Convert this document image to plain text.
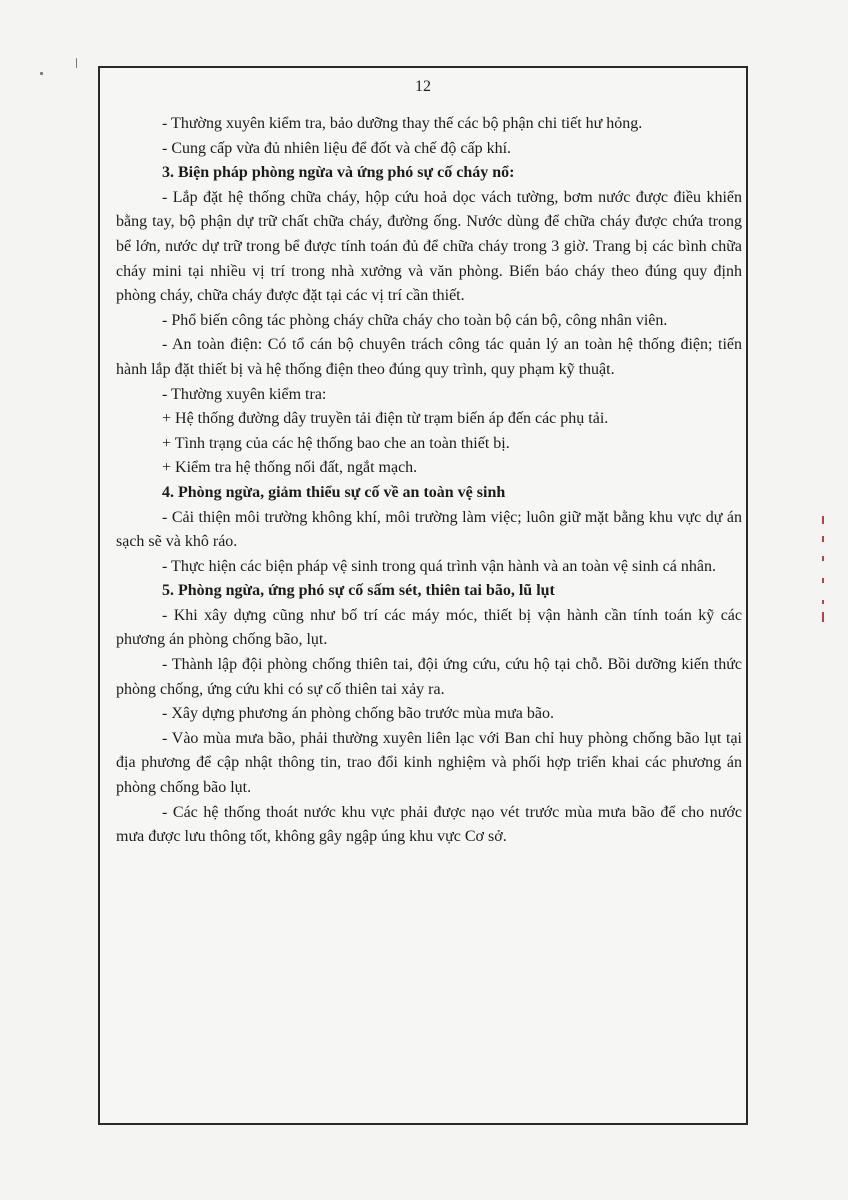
12

- Thường xuyên kiểm tra, bảo dưỡng thay thế các bộ phận chi tiết hư hỏng.

- Cung cấp vừa đủ nhiên liệu để đốt và chế độ cấp khí.

3. Biện pháp phòng ngừa và ứng phó sự cố cháy nổ:

- Lắp đặt hệ thống chữa cháy, hộp cứu hoả dọc vách tường, bơm nước được điều khiển bằng tay, bộ phận dự trữ chất chữa cháy, đường ống. Nước dùng để chữa cháy được chứa trong bể lớn, nước dự trữ trong bể được tính toán đủ để chữa cháy trong 3 giờ. Trang bị các bình chữa cháy mini tại nhiều vị trí trong nhà xưởng và văn phòng. Biển báo cháy theo đúng quy định phòng cháy, chữa cháy được đặt tại các vị trí cần thiết.

- Phổ biến công tác phòng cháy chữa cháy cho toàn bộ cán bộ, công nhân viên.

- An toàn điện: Có tổ cán bộ chuyên trách công tác quản lý an toàn hệ thống điện; tiến hành lắp đặt thiết bị và hệ thống điện theo đúng quy trình, quy phạm kỹ thuật.

- Thường xuyên kiểm tra:

+ Hệ thống đường dây truyền tải điện từ trạm biến áp đến các phụ tải.

+ Tình trạng của các hệ thống bao che an toàn thiết bị.

+ Kiểm tra hệ thống nối đất, ngắt mạch.

4. Phòng ngừa, giảm thiểu sự cố về an toàn vệ sinh

- Cải thiện môi trường không khí, môi trường làm việc; luôn giữ mặt bằng khu vực dự án sạch sẽ và khô ráo.

- Thực hiện các biện pháp vệ sinh trong quá trình vận hành và an toàn vệ sinh cá nhân.

5. Phòng ngừa, ứng phó sự cố sấm sét, thiên tai bão, lũ lụt

- Khi xây dựng cũng như bố trí các máy móc, thiết bị vận hành cần tính toán kỹ các phương án phòng chống bão, lụt.

- Thành lập đội phòng chống thiên tai, đội ứng cứu, cứu hộ tại chỗ. Bồi dưỡng kiến thức phòng chống, ứng cứu khi có sự cố thiên tai xảy ra.

- Xây dựng phương án phòng chống bão trước mùa mưa bão.

- Vào mùa mưa bão, phải thường xuyên liên lạc với Ban chỉ huy phòng chống bão lụt tại địa phương để cập nhật thông tin, trao đổi kinh nghiệm và phối hợp triển khai các phương án phòng chống bão lụt.

- Các hệ thống thoát nước khu vực phải được nạo vét trước mùa mưa bão để cho nước mưa được lưu thông tốt, không gây ngập úng khu vực Cơ sở.
